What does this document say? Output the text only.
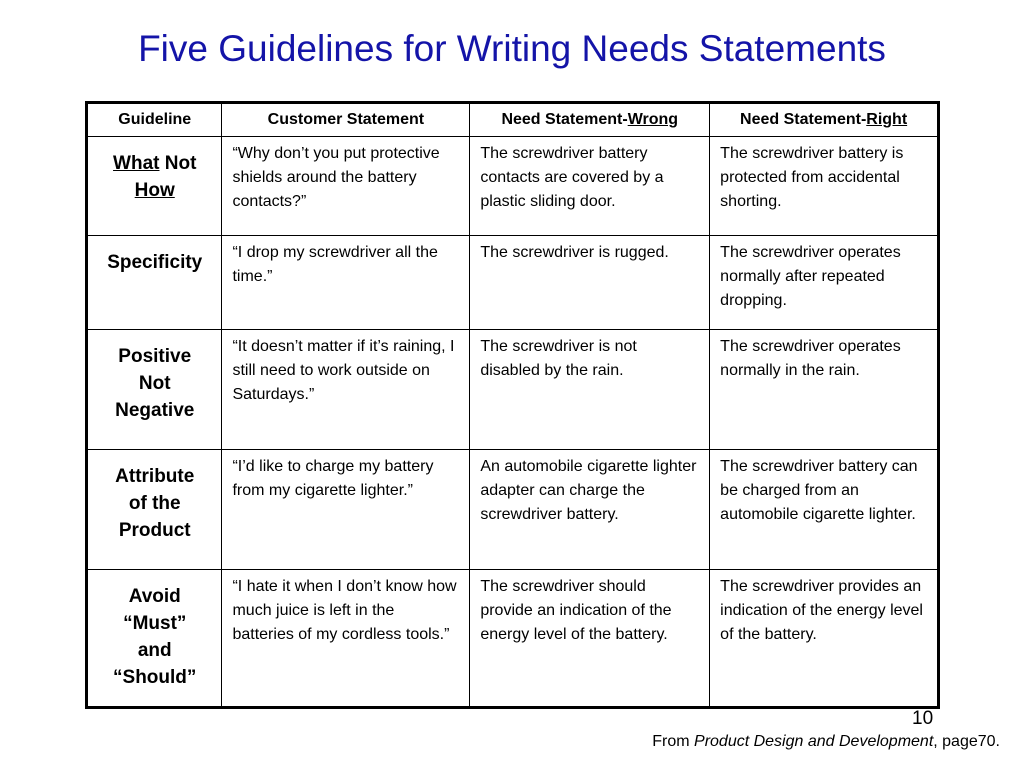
Five Guidelines for Writing Needs Statements
Guideline	Customer Statement	Need Statement-Wrong	Need Statement-Right
What Not
How	“Why don’t you put protective shields around the battery contacts?”	The screwdriver battery contacts are covered by a plastic sliding door.	The screwdriver battery is protected from accidental shorting.
Specificity	“I drop my screwdriver all the time.”	The screwdriver is rugged.	The screwdriver operates normally after repeated dropping.
Positive
Not
Negative	“It doesn’t matter if it’s raining, I still need to work outside on Saturdays.”	The screwdriver is not disabled by the rain.	The screwdriver operates normally in the rain.
Attribute
of the
Product	“I’d like to charge my battery from my cigarette lighter.”	An automobile cigarette lighter adapter can charge the screwdriver battery.	The screwdriver battery can be charged from an automobile cigarette lighter.
Avoid
“Must”
and
“Should”	“I hate it when I don’t know how much juice is left in the batteries of my cordless tools.”	The screwdriver should provide an indication of the energy level of the battery.	The screwdriver provides an indication of the energy level of the battery.
10
From Product Design and Development, page70.
